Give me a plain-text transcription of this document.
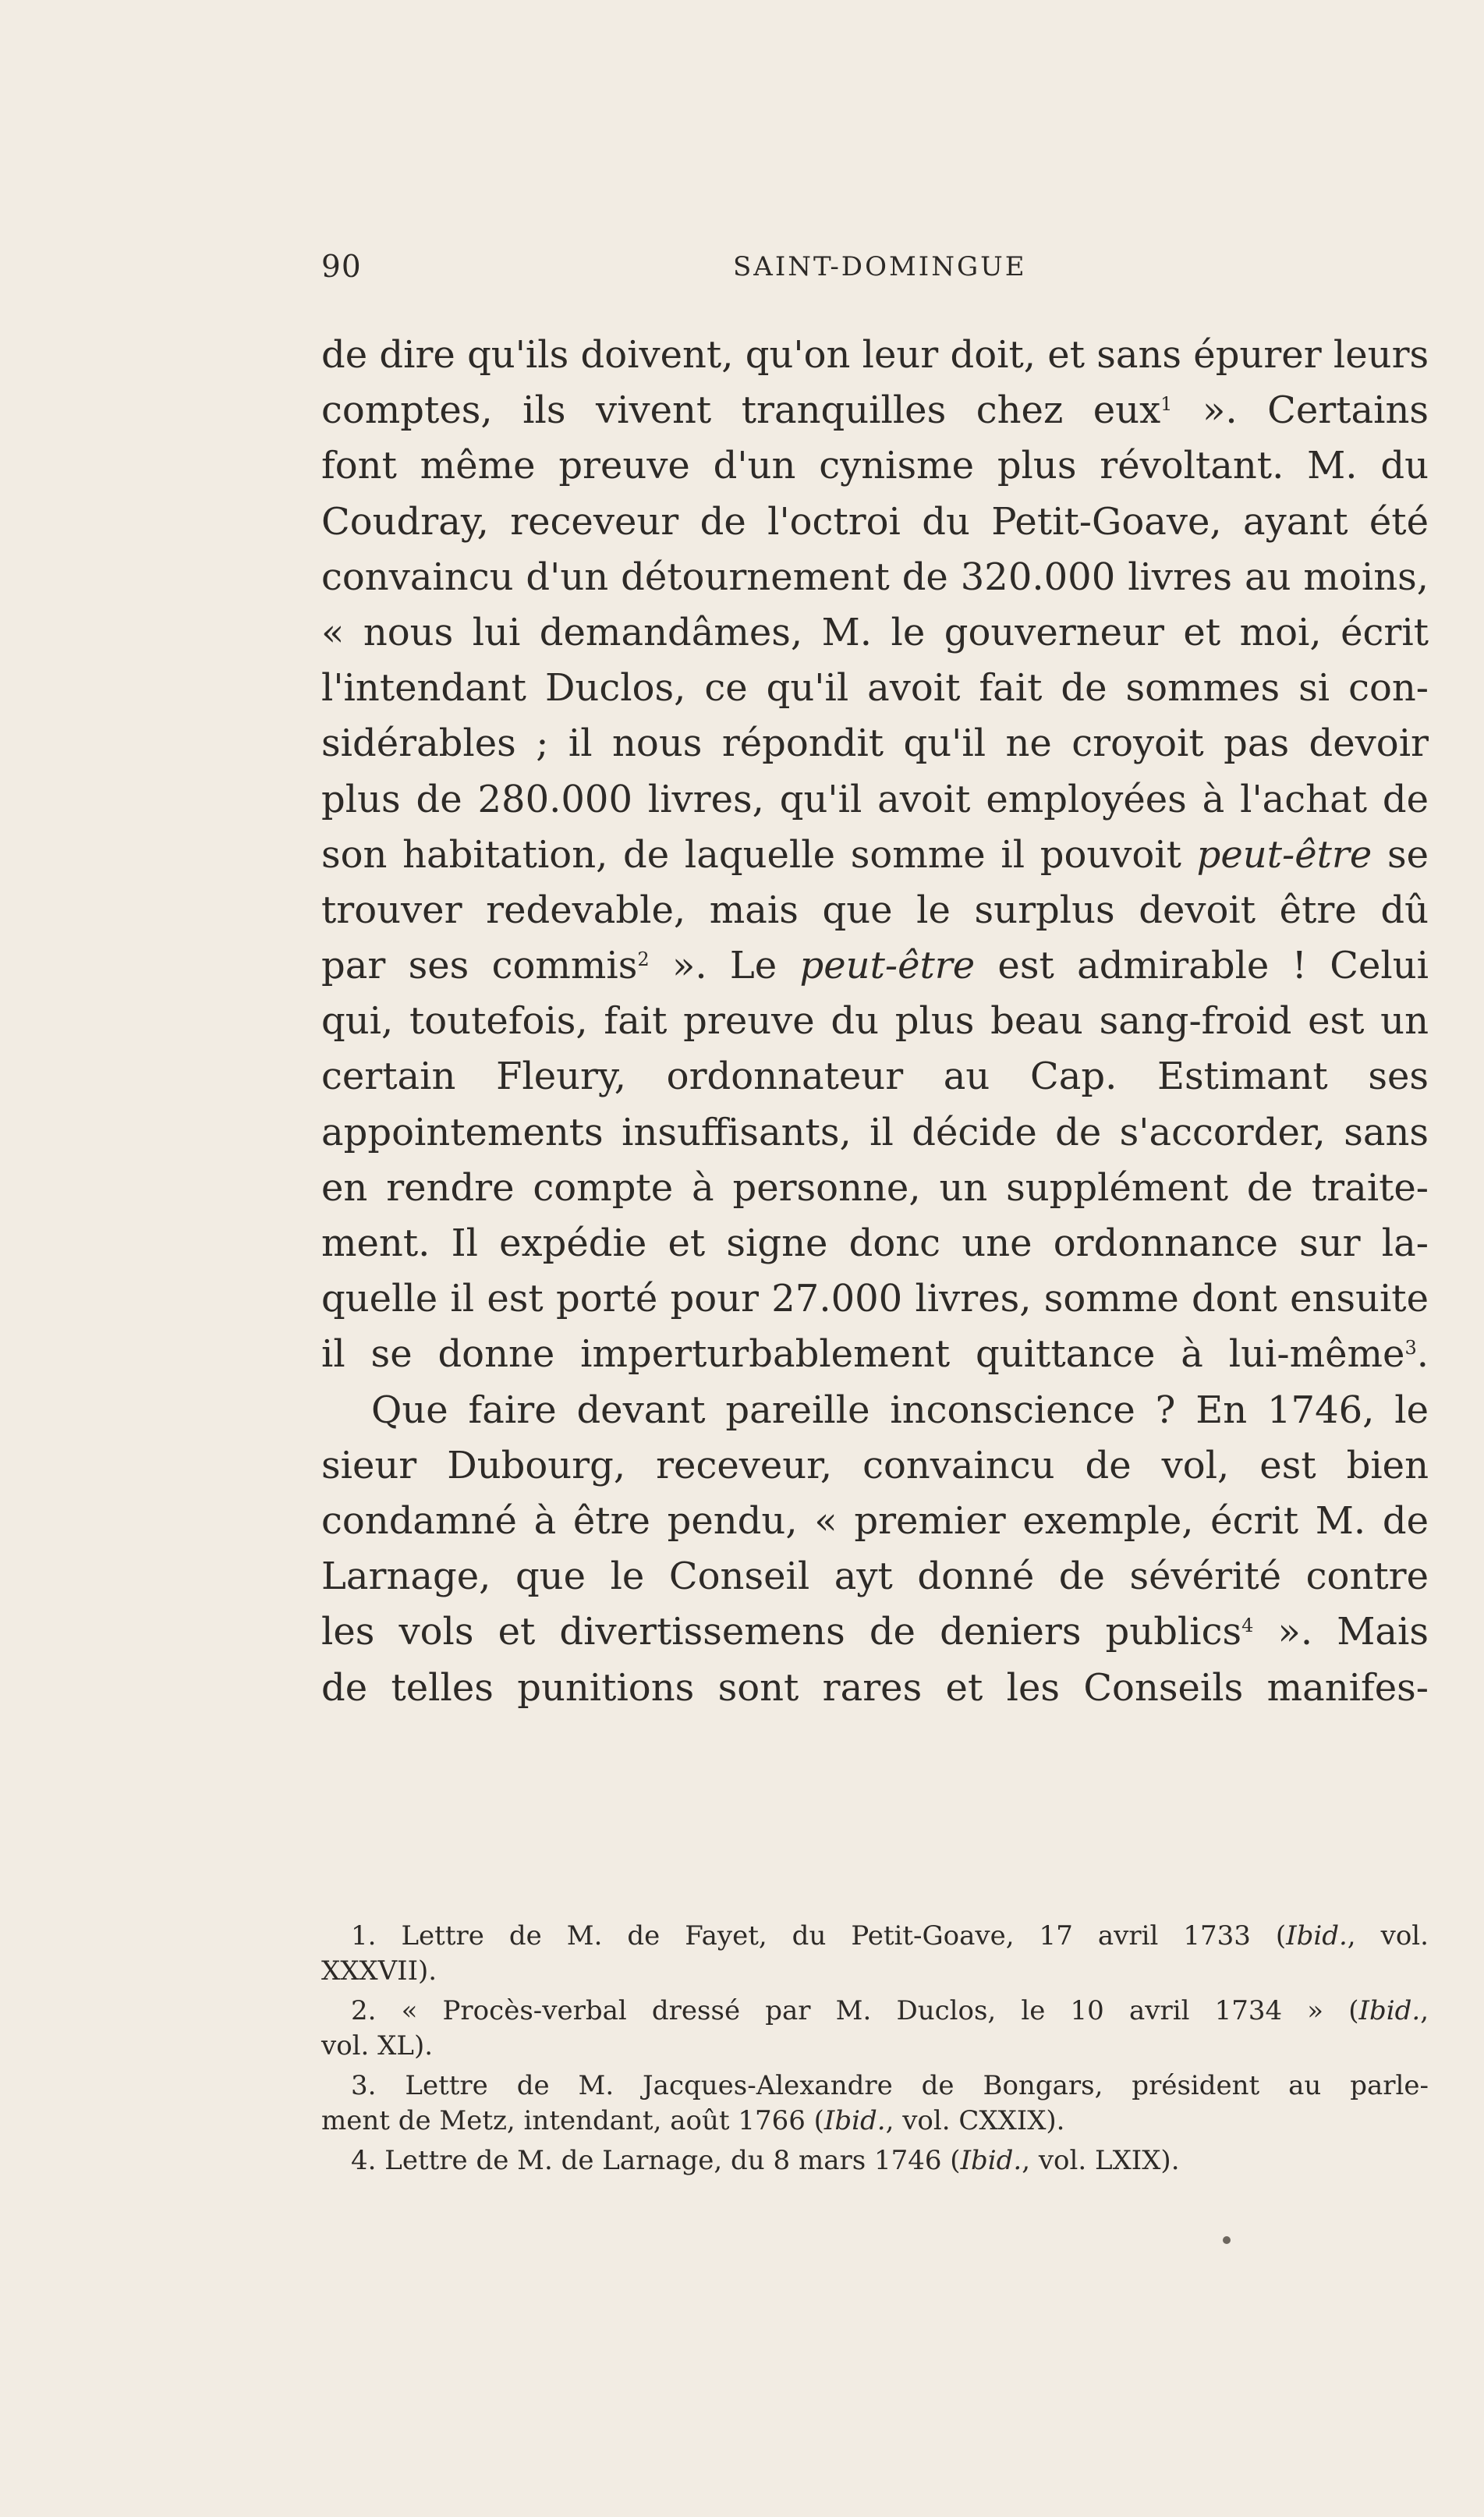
90	SAINT-DOMINGUE
de dire qu'ils doivent, qu'on leur doit, et sans épurer leurs
comptes, ils vivent tranquilles chez eux$^1$ ». Certains
font même preuve d'un cynisme plus révoltant. M. du
Coudray, receveur de l'octroi du Petit-Goave, ayant été
convaincu d'un détournement de 320.000 livres au moins,
« nous lui demandâmes, M. le gouverneur et moi, écrit
l'intendant Duclos, ce qu'il avoit fait de sommes si con-
sidérables ; il nous répondit qu'il ne croyoit pas devoir
plus de 280.000 livres, qu'il avoit employées à l'achat de
son habitation, de laquelle somme il pouvoit peut-être se
trouver redevable, mais que le surplus devoit être dû
par ses commis$^2$ ». Le peut-être est admirable ! Celui
qui, toutefois, fait preuve du plus beau sang-froid est un
certain Fleury, ordonnateur au Cap. Estimant ses
appointements insuffisants, il décide de s'accorder, sans
en rendre compte à personne, un supplément de traite-
ment. Il expédie et signe donc une ordonnance sur la-
quelle il est porté pour 27.000 livres, somme dont ensuite
il se donne imperturbablement quittance à lui-même$^3$.
Que faire devant pareille inconscience ? En 1746, le
sieur Dubourg, receveur, convaincu de vol, est bien
condamné à être pendu, « premier exemple, écrit M. de
Larnage, que le Conseil ayt donné de sévérité contre
les vols et divertissemens de deniers publics$^4$ ». Mais
de telles punitions sont rares et les Conseils manifes-
1. Lettre de M. de Fayet, du Petit-Goave, 17 avril 1733 (Ibid., vol.
XXXVII).
2. « Procès-verbal dressé par M. Duclos, le 10 avril 1734 » (Ibid.,
vol. XL).
3. Lettre de M. Jacques-Alexandre de Bongars, président au parle-
ment de Metz, intendant, août 1766 (Ibid., vol. CXXIX).
4. Lettre de M. de Larnage, du 8 mars 1746 (Ibid., vol. LXIX).
